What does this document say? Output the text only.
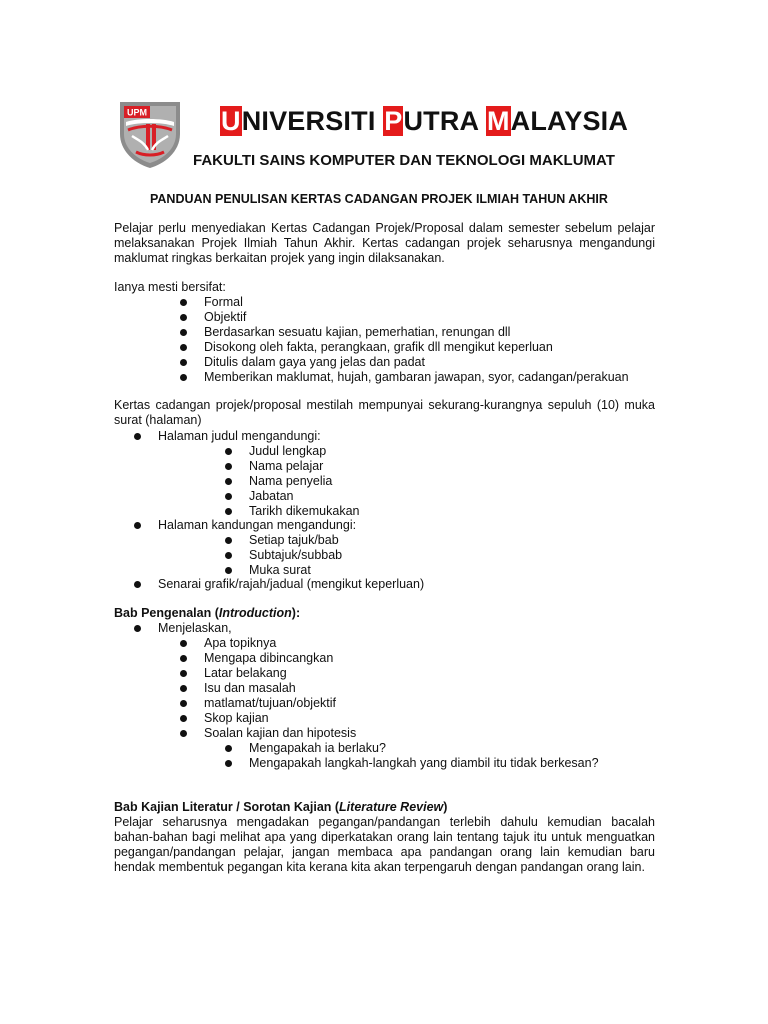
UPM	UNIVERSITI PUTRA MALAYSIA
FAKULTI SAINS KOMPUTER DAN TEKNOLOGI MAKLUMAT
PANDUAN PENULISAN KERTAS CADANGAN PROJEK ILMIAH TAHUN AKHIR
Pelajar perlu menyediakan Kertas Cadangan Projek/Proposal dalam semester sebelum pelajar
melaksanakan Projek Ilmiah Tahun Akhir. Kertas cadangan projek seharusnya mengandungi
maklumat ringkas berkaitan projek yang ingin dilaksanakan.
Ianya mesti bersifat:
Formal
Objektif
Berdasarkan sesuatu kajian, pemerhatian, renungan dll
Disokong oleh fakta, perangkaan, grafik dll mengikut keperluan
Ditulis dalam gaya yang jelas dan padat
Memberikan maklumat, hujah, gambaran jawapan, syor, cadangan/perakuan
Kertas cadangan projek/proposal mestilah mempunyai sekurang-kurangnya sepuluh (10) muka
surat (halaman)
Halaman judul mengandungi:
Judul lengkap
Nama pelajar
Nama penyelia
Jabatan
Tarikh dikemukakan
Halaman kandungan mengandungi:
Setiap tajuk/bab
Subtajuk/subbab
Muka surat
Senarai grafik/rajah/jadual (mengikut keperluan)
Bab Pengenalan (Introduction):
Menjelaskan,
Apa topiknya
Mengapa dibincangkan
Latar belakang
Isu dan masalah
matlamat/tujuan/objektif
Skop kajian
Soalan kajian dan hipotesis
Mengapakah ia berlaku?
Mengapakah langkah-langkah yang diambil itu tidak berkesan?
Bab Kajian Literatur / Sorotan Kajian (Literature Review)
Pelajar seharusnya mengadakan pegangan/pandangan terlebih dahulu kemudian bacalah
bahan-bahan bagi melihat apa yang diperkatakan orang lain tentang tajuk itu untuk menguatkan
pegangan/pandangan pelajar, jangan membaca apa pandangan orang lain kemudian baru
hendak membentuk pegangan kita kerana kita akan terpengaruh dengan pandangan orang lain.
